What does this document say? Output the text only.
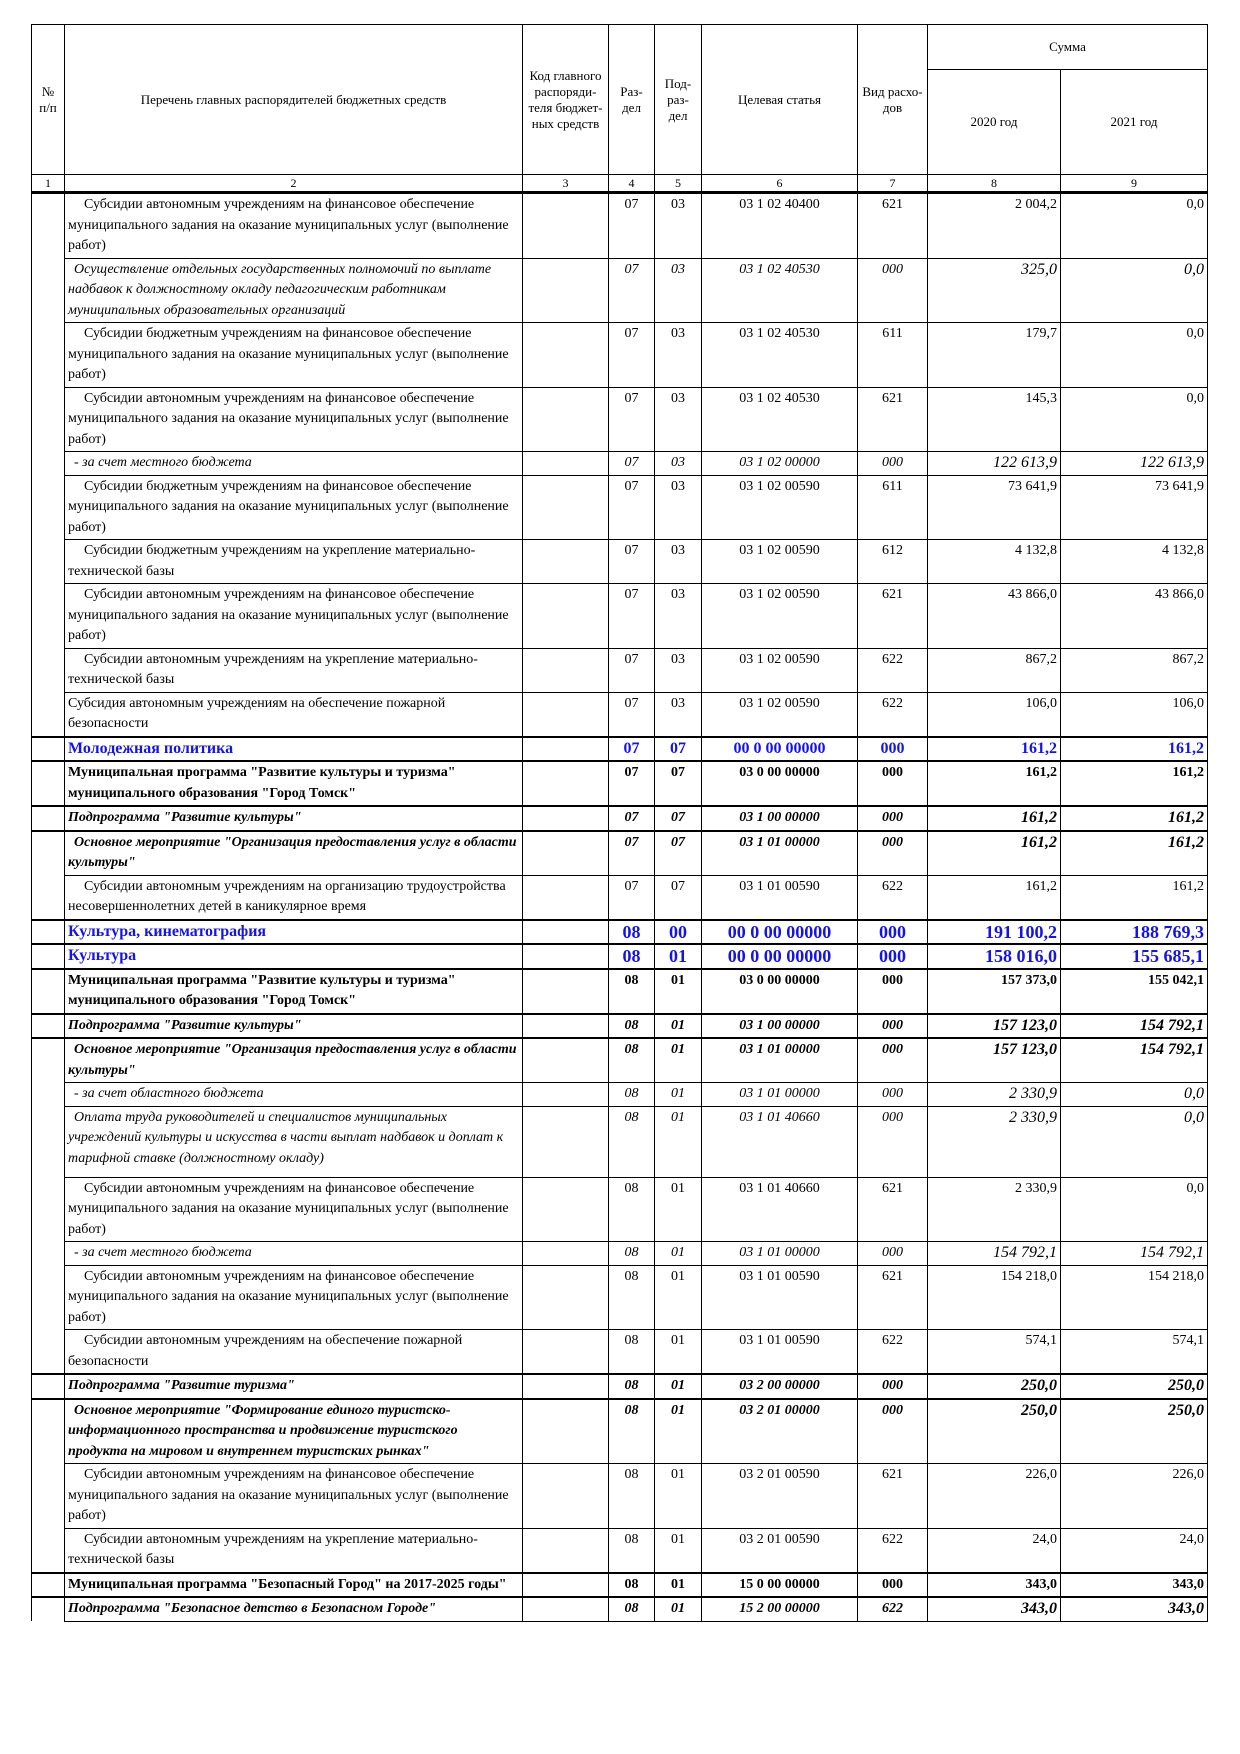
№ п/п	Перечень главных распорядителей бюджетных средств	Код главного распоряди-теля бюджет-ных средств	Раз-дел	Под-раз-дел	Целевая статья	Вид расхо-дов	Сумма	
							2020 год	2021 год
1	2	3	4	5	6	7	8	9
	Субсидии автономным учреждениям на финансовое обеспечение муниципального задания на оказание муниципальных услуг (выполнение работ)		07	03	03 1 02 40400	621	2 004,2	0,0
	Осуществление отдельных государственных полномочий по выплате надбавок к должностному окладу педагогическим работникам муниципальных образовательных организаций		07	03	03 1 02 40530	000	325,0	0,0
	Субсидии бюджетным учреждениям на финансовое обеспечение муниципального задания на оказание муниципальных услуг (выполнение работ)		07	03	03 1 02 40530	611	179,7	0,0
	Субсидии автономным учреждениям на финансовое обеспечение муниципального задания на оказание муниципальных услуг (выполнение работ)		07	03	03 1 02 40530	621	145,3	0,0
	- за счет местного бюджета		07	03	03 1 02 00000	000	122 613,9	122 613,9
	Субсидии бюджетным учреждениям на финансовое обеспечение муниципального задания на оказание муниципальных услуг (выполнение работ)		07	03	03 1 02 00590	611	73 641,9	73 641,9
	Субсидии бюджетным учреждениям на укрепление материально-технической базы		07	03	03 1 02 00590	612	4 132,8	4 132,8
	Субсидии автономным учреждениям на финансовое обеспечение муниципального задания на оказание муниципальных услуг (выполнение работ)		07	03	03 1 02 00590	621	43 866,0	43 866,0
	Субсидии автономным учреждениям на укрепление материально-технической базы		07	03	03 1 02 00590	622	867,2	867,2
	Субсидия автономным учреждениям на обеспечение пожарной безопасности		07	03	03 1 02 00590	622	106,0	106,0
	Молодежная политика		07	07	00 0 00 00000	000	161,2	161,2
	Муниципальная программа "Развитие культуры и туризма" муниципального образования "Город Томск"		07	07	03 0 00 00000	000	161,2	161,2
	Подпрограмма "Развитие культуры"		07	07	03 1 00 00000	000	161,2	161,2
	Основное мероприятие "Организация предоставления услуг в области культуры"		07	07	03 1 01 00000	000	161,2	161,2
	Субсидии автономным учреждениям на организацию трудоустройства несовершеннолетних детей в каникулярное время		07	07	03 1 01 00590	622	161,2	161,2
	Культура, кинематография		08	00	00 0 00 00000	000	191 100,2	188 769,3
	Культура		08	01	00 0 00 00000	000	158 016,0	155 685,1
	Муниципальная программа "Развитие культуры и туризма" муниципального образования "Город Томск"		08	01	03 0 00 00000	000	157 373,0	155 042,1
	Подпрограмма "Развитие культуры"		08	01	03 1 00 00000	000	157 123,0	154 792,1
	Основное мероприятие "Организация предоставления услуг в области культуры"		08	01	03 1 01 00000	000	157 123,0	154 792,1
	- за счет областного бюджета		08	01	03 1 01 00000	000	2 330,9	0,0
	Оплата труда руководителей и специалистов муниципальных учреждений культуры и искусства в части выплат надбавок и доплат к тарифной ставке (должностному окладу)		08	01	03 1 01 40660	000	2 330,9	0,0
	Субсидии автономным учреждениям на финансовое обеспечение муниципального задания на оказание муниципальных услуг (выполнение работ)		08	01	03 1 01 40660	621	2 330,9	0,0
	- за счет местного бюджета		08	01	03 1 01 00000	000	154 792,1	154 792,1
	Субсидии автономным учреждениям на финансовое обеспечение муниципального задания на оказание муниципальных услуг (выполнение работ)		08	01	03 1 01 00590	621	154 218,0	154 218,0
	Субсидии автономным учреждениям на обеспечение пожарной безопасности		08	01	03 1 01 00590	622	574,1	574,1
	Подпрограмма "Развитие туризма"		08	01	03 2 00 00000	000	250,0	250,0
	Основное мероприятие "Формирование единого туристско-информационного пространства и продвижение туристского продукта на мировом и внутреннем туристских рынках"		08	01	03 2 01 00000	000	250,0	250,0
	Субсидии автономным учреждениям на финансовое обеспечение муниципального задания на оказание муниципальных услуг (выполнение работ)		08	01	03 2 01 00590	621	226,0	226,0
	Субсидии автономным учреждениям на укрепление материально-технической базы		08	01	03 2 01 00590	622	24,0	24,0
	Муниципальная программа "Безопасный Город" на 2017-2025 годы"		08	01	15 0 00 00000	000	343,0	343,0
	Подпрограмма "Безопасное детство в Безопасном Городе"		08	01	15 2 00 00000	622	343,0	343,0
